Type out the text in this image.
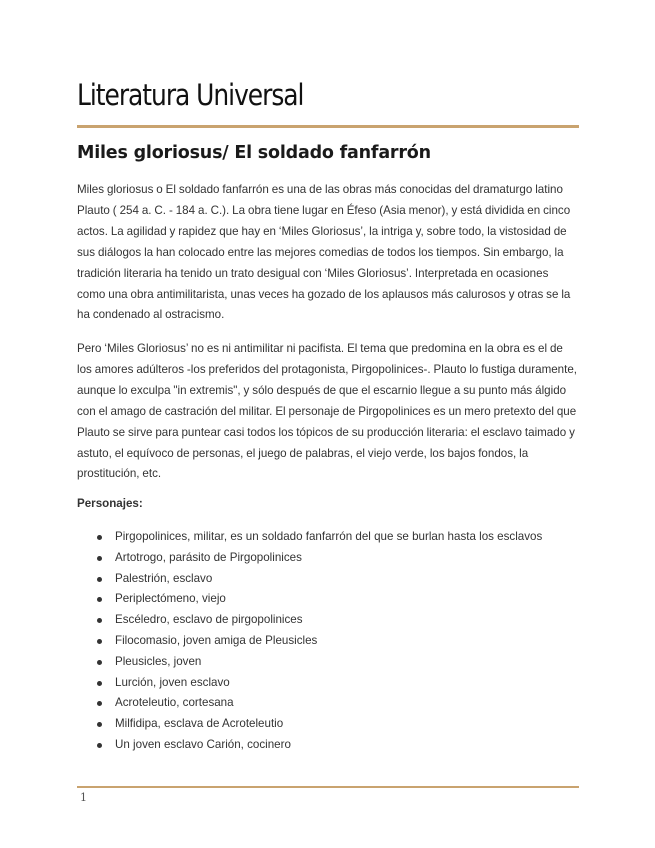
Literatura Universal
Miles gloriosus/ El soldado fanfarrón

Miles gloriosus o El soldado fanfarrón es una de las obras más conocidas del dramaturgo latino Plauto ( 254 a. C. - 184 a. C.). La obra tiene lugar en Éfeso (Asia menor), y está dividida en cinco actos. La agilidad y rapidez que hay en ‘Miles Gloriosus’, la intriga y, sobre todo, la vistosidad de sus diálogos la han colocado entre las mejores comedias de todos los tiempos. Sin embargo, la tradición literaria ha tenido un trato desigual con ‘Miles Gloriosus’. Interpretada en ocasiones como una obra antimilitarista, unas veces ha gozado de los aplausos más calurosos y otras se la ha condenado al ostracismo.

Pero ‘Miles Gloriosus’ no es ni antimilitar ni pacifista. El tema que predomina en la obra es el de los amores adúlteros -los preferidos del protagonista, Pirgopolinices-. Plauto lo fustiga duramente, aunque lo exculpa "in extremis", y sólo después de que el escarnio llegue a su punto más álgido con el amago de castración del militar. El personaje de Pirgopolinices es un mero pretexto del que Plauto se sirve para puntear casi todos los tópicos de su producción literaria: el esclavo taimado y astuto, el equívoco de personas, el juego de palabras, el viejo verde, los bajos fondos, la prostitución, etc.

Personajes:

Pirgopolinices, militar, es un soldado fanfarrón del que se burlan hasta los esclavos
Artotrogo, parásito de Pirgopolinices
Palestrión, esclavo
Periplectómeno, viejo
Escéledro, esclavo de pirgopolinices
Filocomasio, joven amiga de Pleusicles
Pleusicles, joven
Lurción, joven esclavo
Acroteleutio, cortesana
Milfidipa, esclava de Acroteleutio
Un joven esclavo Carión, cocinero

1
